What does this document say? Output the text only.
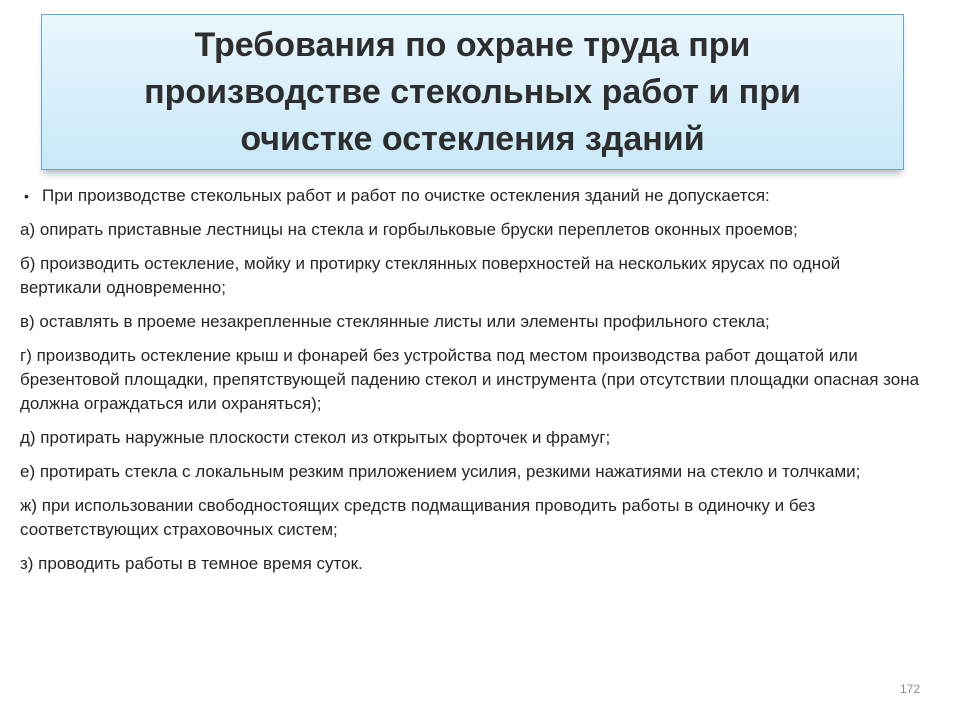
Требования по охране труда при
производстве стекольных работ и при
очистке остекления зданий
• При производстве стекольных работ и работ по очистке остекления зданий не допускается:
а) опирать приставные лестницы на стекла и горбыльковые бруски переплетов оконных проемов;
б) производить остекление, мойку и протирку стеклянных поверхностей на нескольких ярусах по одной вертикали одновременно;
в) оставлять в проеме незакрепленные стеклянные листы или элементы профильного стекла;
г) производить остекление крыш и фонарей без устройства под местом производства работ дощатой или брезентовой площадки, препятствующей падению стекол и инструмента (при отсутствии площадки опасная зона должна ограждаться или охраняться);
д) протирать наружные плоскости стекол из открытых форточек и фрамуг;
е) протирать стекла с локальным резким приложением усилия, резкими нажатиями на стекло и толчками;
ж) при использовании свободностоящих средств подмащивания проводить работы в одиночку и без соответствующих страховочных систем;
з) проводить работы в темное время суток.
172
